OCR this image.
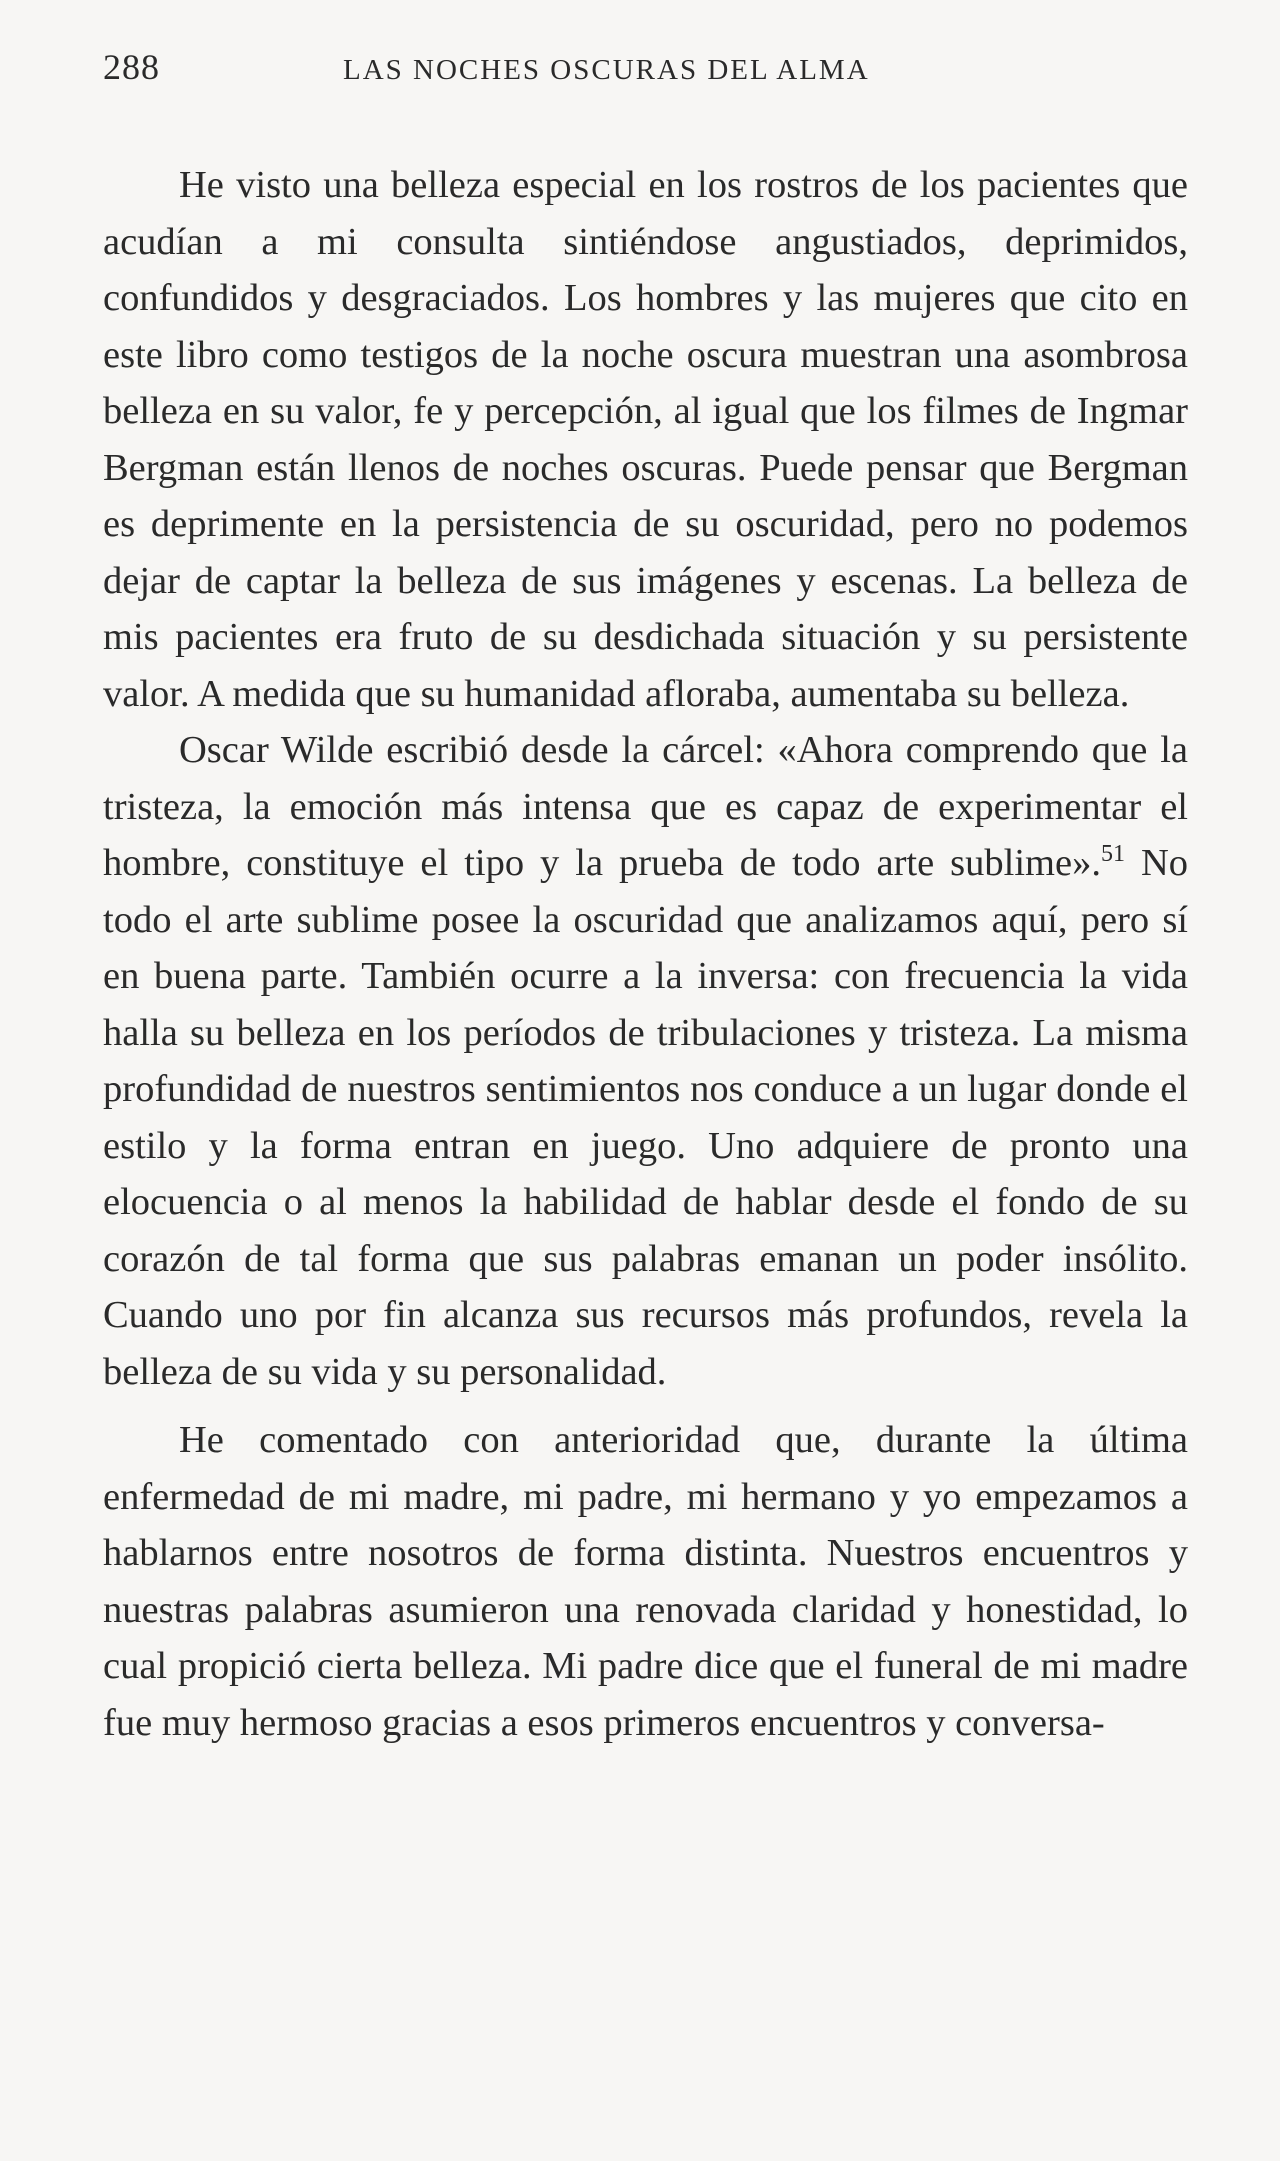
288	LAS NOCHES OSCURAS DEL ALMA

He visto una belleza especial en los rostros de los pacientes que acudían a mi consulta sintiéndose angustiados, deprimidos, confundidos y desgraciados. Los hombres y las mujeres que cito en este libro como testigos de la noche oscura muestran una asombrosa belleza en su valor, fe y percepción, al igual que los filmes de Ingmar Bergman están llenos de noches oscuras. Puede pensar que Bergman es deprimente en la persistencia de su oscuridad, pero no podemos dejar de captar la belleza de sus imágenes y escenas. La belleza de mis pacientes era fruto de su desdichada situación y su persistente valor. A medida que su humanidad afloraba, aumentaba su belleza.

Oscar Wilde escribió desde la cárcel: «Ahora comprendo que la tristeza, la emoción más intensa que es capaz de experimentar el hombre, constituye el tipo y la prueba de todo arte sublime».$^{51}$ No todo el arte sublime posee la oscuridad que analizamos aquí, pero sí en buena parte. También ocurre a la inversa: con frecuencia la vida halla su belleza en los períodos de tribulaciones y tristeza. La misma profundidad de nuestros sentimientos nos conduce a un lugar donde el estilo y la forma entran en juego. Uno adquiere de pronto una elocuencia o al menos la habilidad de hablar desde el fondo de su corazón de tal forma que sus palabras emanan un poder insólito. Cuando uno por fin alcanza sus recursos más profundos, revela la belleza de su vida y su personalidad.

He comentado con anterioridad que, durante la última enfermedad de mi madre, mi padre, mi hermano y yo empezamos a hablarnos entre nosotros de forma distinta. Nuestros encuentros y nuestras palabras asumieron una renovada claridad y honestidad, lo cual propició cierta belleza. Mi padre dice que el funeral de mi madre fue muy hermoso gracias a esos primeros encuentros y conversa-
